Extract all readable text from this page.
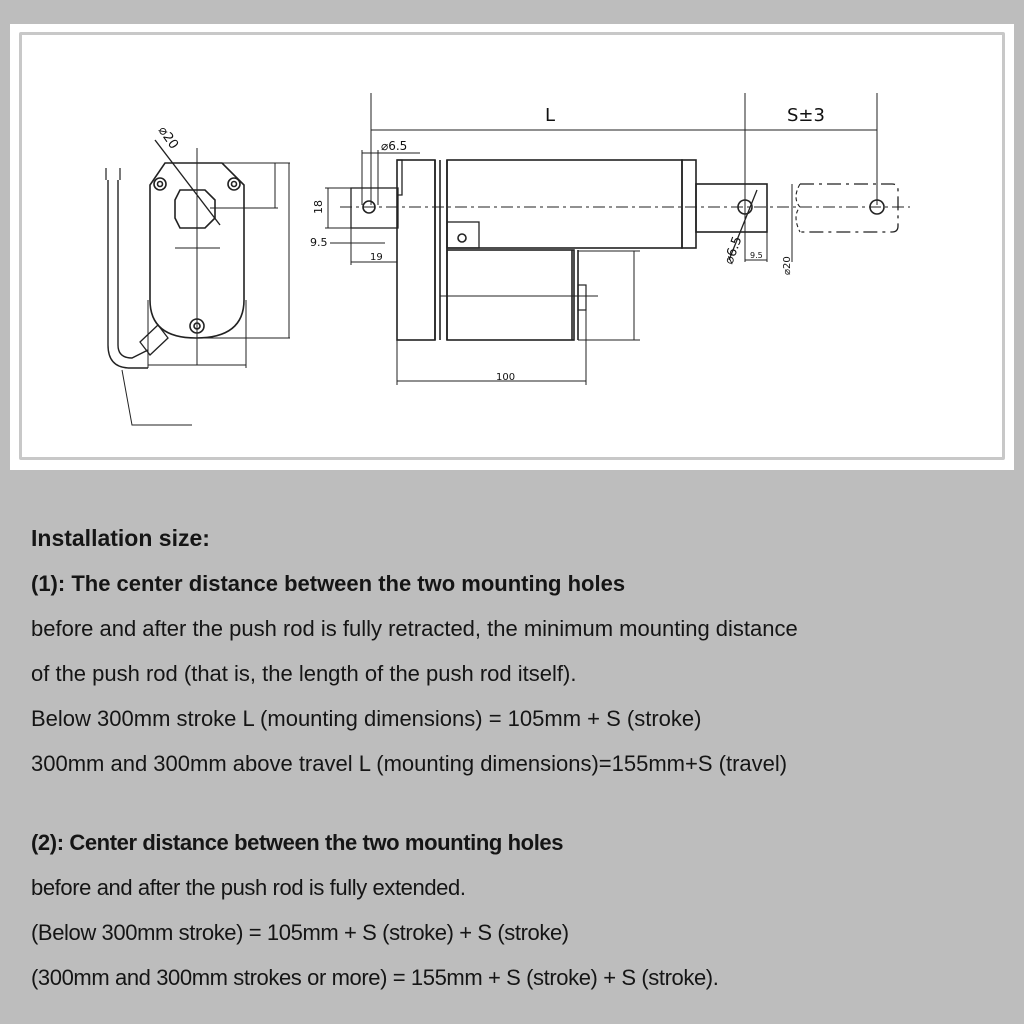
L	S±3
⌀6.5
100
19
9.5
18
⌀6.5	⌀20
9.5
⌀20
Installation size:
(1): The center distance between the two mounting holes
before and after the push rod is fully retracted, the minimum mounting distance
of the push rod (that is, the length of the push rod itself).
Below 300mm stroke L (mounting dimensions) = 105mm + S (stroke)
300mm and 300mm above travel L (mounting dimensions)=155mm+S (travel)
(2): Center distance between the two mounting holes
before and after the push rod is fully extended.
(Below 300mm stroke) = 105mm + S (stroke) + S (stroke)
(300mm and 300mm strokes or more) = 155mm + S (stroke) + S (stroke).
